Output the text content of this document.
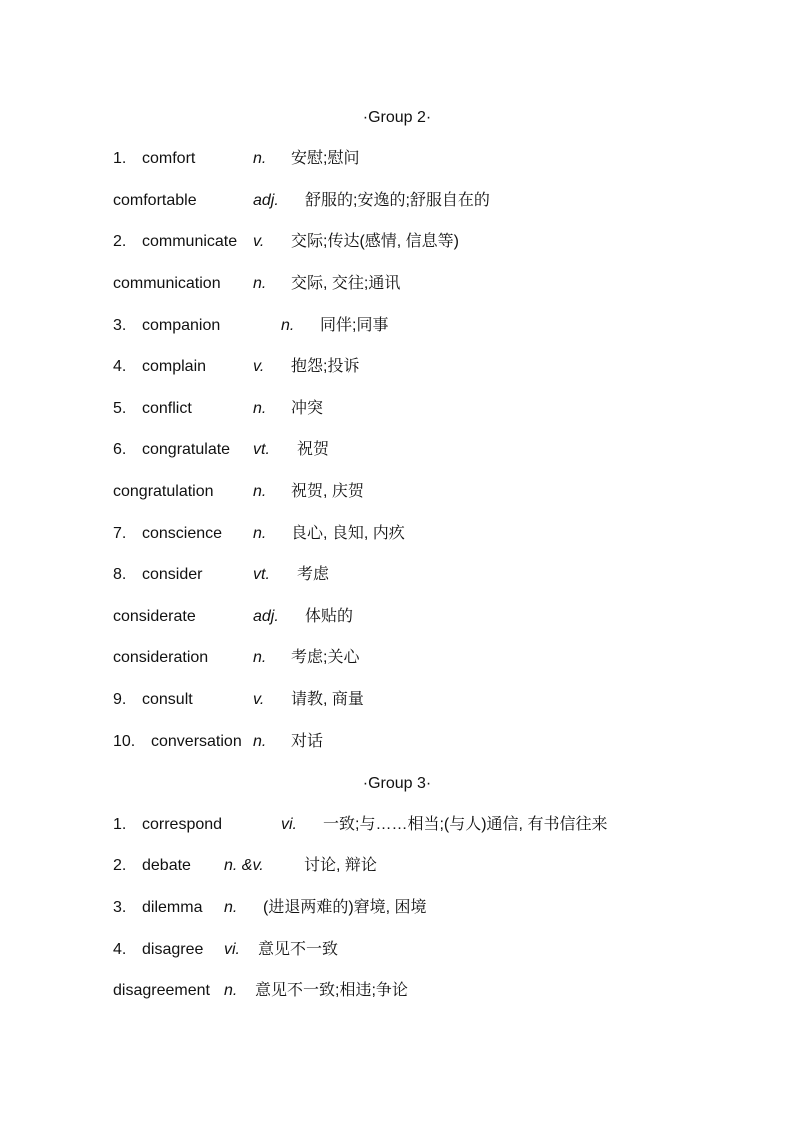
·Group 2·
1. comfort	n. 安慰;慰问
comfortable	adj. 舒服的;安逸的;舒服自在的
2. communicate v. 交际;传达(感情, 信息等)
communication n. 交际, 交往;通讯
3. companion	n. 同伴;同事
4. complain	v. 抱怨;投诉
5. conflict	n. 冲突
6. congratulate vt. 祝贺
congratulation n. 祝贺, 庆贺
7. conscience n. 良心, 良知, 内疚
8. consider	vt. 考虑
considerate	adj. 体贴的
consideration	n. 考虑;关心
9. consult	v. 请教, 商量
10. conversation n. 对话
·Group 3·
1. correspond	vi. 一致;与……相当;(与人)通信, 有书信往来
2. debate n. &v.	讨论, 辩论
3. dilemma n. (进退两难的)窘境, 困境
4. disagree vi. 意见不一致
disagreement n. 意见不一致;相违;争论
